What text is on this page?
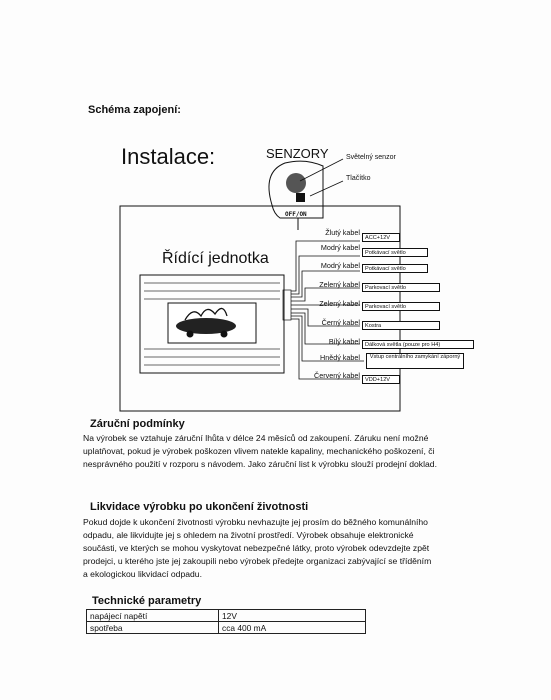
Schéma zapojení:
Instalace:	SENZORY Světelný senzor
Tlačítko
OFF/ON
Řídící jednotka
Žlutý kabel
Modrý kabel
Modrý kabel
Zelený kabel
Zelený kabel
Černý kabel
Bílý kabel
Hnědý kabel
Červený kabel
ACC+12V
Potkávací světlo
Potkávací světlo
Parkovací světlo
Parkovací světlo
Kostra
Dálková světla (pouze pro H4)
Vstup centrálního zamykání záporný
VDD+12V
Záruční podmínky
Na výrobek se vztahuje záruční lhůta v délce 24 měsíců od zakoupení. Záruku není možné
uplatňovat, pokud je výrobek poškozen vlivem natekle kapaliny, mechanického poškození, či
nesprávného použití v rozporu s návodem. Jako záruční list k výrobku slouží prodejní doklad.
Likvidace výrobku po ukončení životnosti
Pokud dojde k ukončení životnosti výrobku nevhazujte jej prosím do běžného komunálního
odpadu, ale likvidujte jej s ohledem na životní prostředí. Výrobek obsahuje elektronické
součásti, ve kterých se mohou vyskytovat nebezpečné látky, proto výrobek odevzdejte zpět
prodejci, u kterého jste jej zakoupili nebo výrobek předejte organizaci zabývající se tříděním
a ekologickou likvidací odpadu.
Technické parametry
napájecí napětí	12V
spotřeba	cca 400 mA
